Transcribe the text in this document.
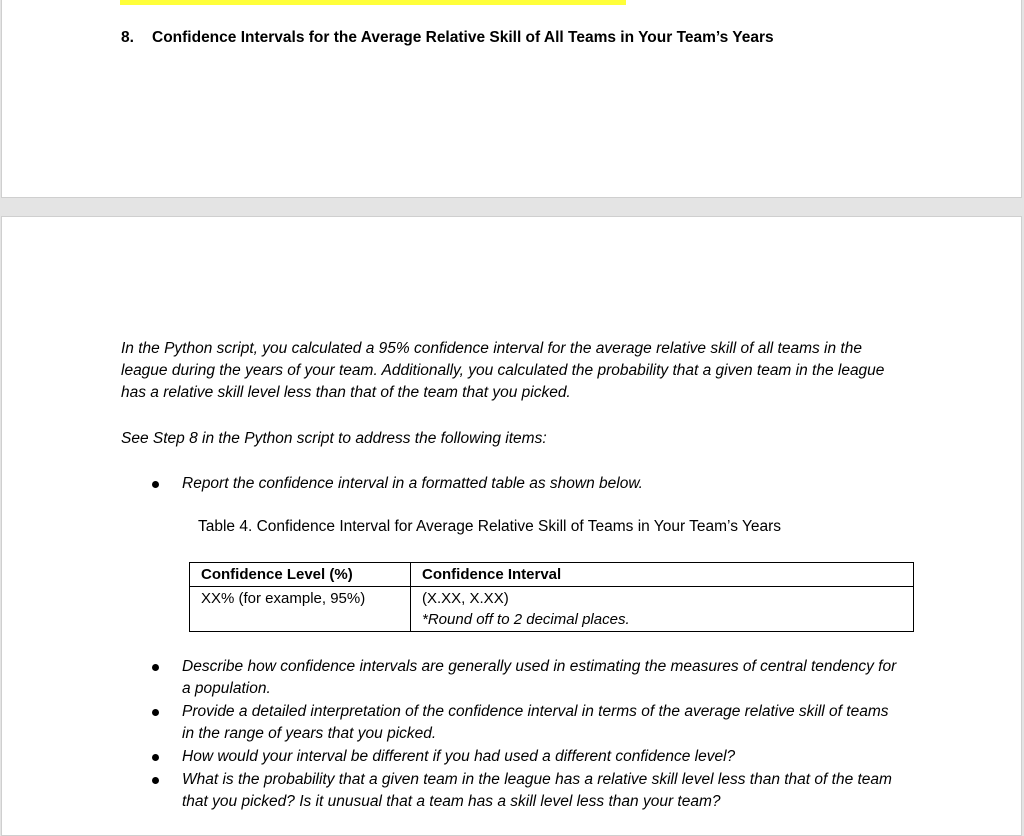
8. Confidence Intervals for the Average Relative Skill of All Teams in Your Team’s Years

In the Python script, you calculated a 95% confidence interval for the average relative skill of all teams in the league during the years of your team. Additionally, you calculated the probability that a given team in the league has a relative skill level less than that of the team that you picked.

See Step 8 in the Python script to address the following items:

Report the confidence interval in a formatted table as shown below.
Table 4. Confidence Interval for Average Relative Skill of Teams in Your Team’s Years
Confidence Level (%)	Confidence Interval
XX% (for example, 95%)	(X.XX, X.XX)
*Round off to 2 decimal places.
Describe how confidence intervals are generally used in estimating the measures of central tendency for a population.
Provide a detailed interpretation of the confidence interval in terms of the average relative skill of teams in the range of years that you picked.
How would your interval be different if you had used a different confidence level?
What is the probability that a given team in the league has a relative skill level less than that of the team that you picked? Is it unusual that a team has a skill level less than your team?
